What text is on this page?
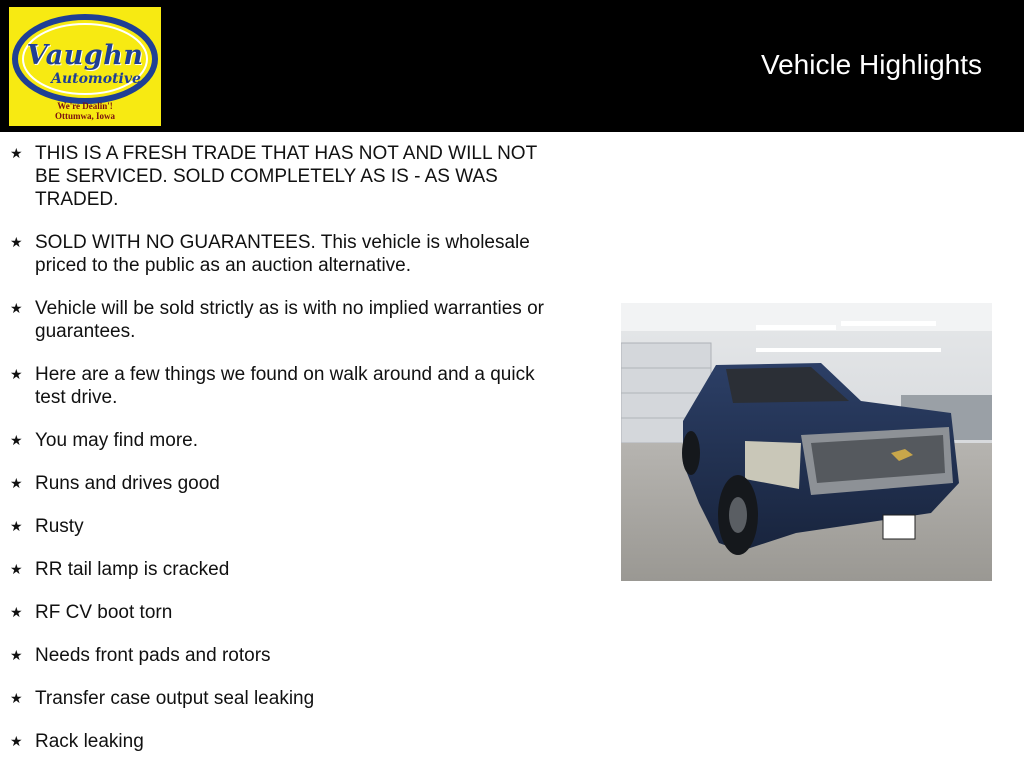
Vaughn
Automotive
We're Dealin'!
Ottumwa, Iowa
Vehicle Highlights
★ THIS IS A FRESH TRADE THAT HAS NOT AND WILL NOT BE SERVICED. SOLD COMPLETELY AS IS - AS WAS TRADED.
★ SOLD WITH NO GUARANTEES. This vehicle is wholesale priced to the public as an auction alternative.
★ Vehicle will be sold strictly as is with no implied warranties or guarantees.
★ Here are a few things we found on walk around and a quick test drive.
★ You may find more.
★ Runs and drives good
★ Rusty
★ RR tail lamp is cracked
★ RF CV boot torn
★ Needs front pads and rotors
★ Transfer case output seal leaking
★ Rack leaking
